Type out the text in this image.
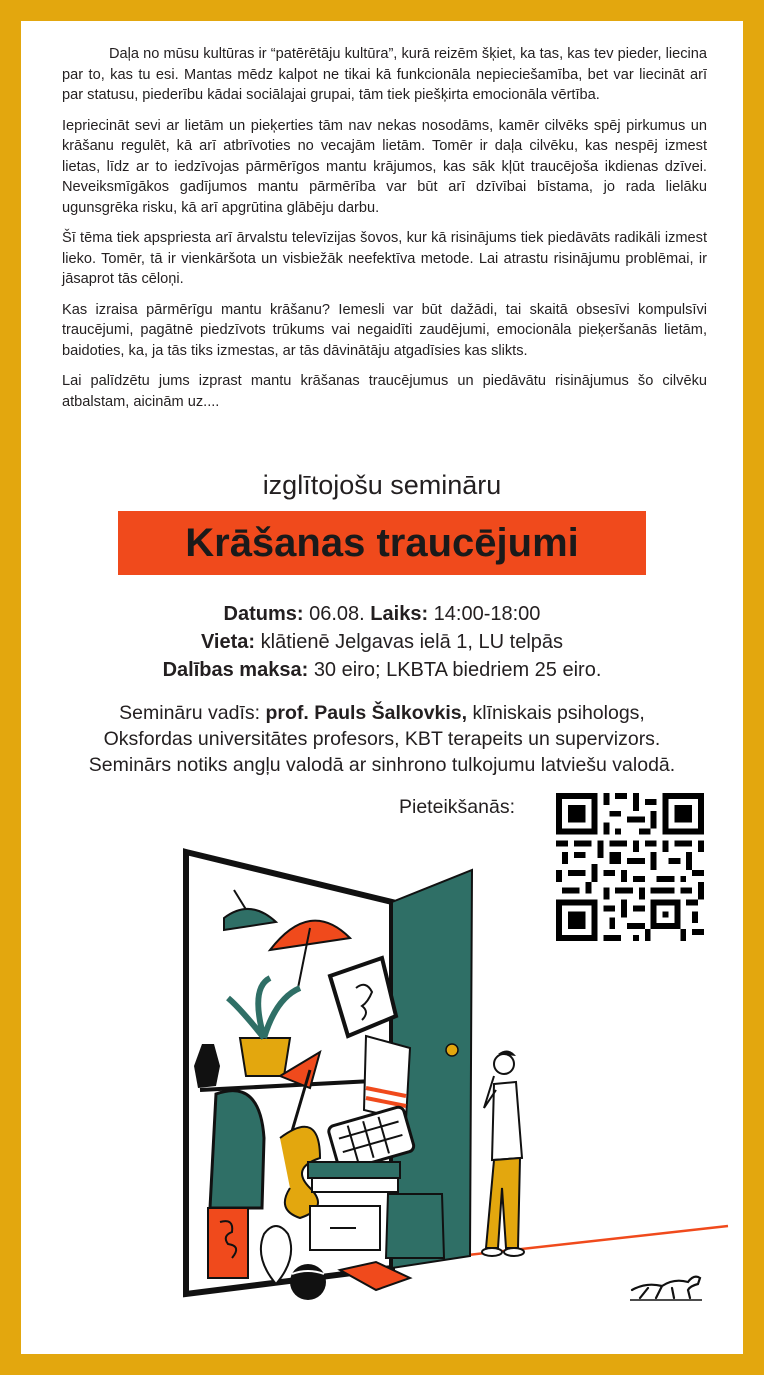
Daļa no mūsu kultūras ir “patērētāju kultūra”, kurā reizēm šķiet, ka tas, kas tev pieder, liecina par to, kas tu esi. Mantas mēdz kalpot ne tikai kā funkcionāla nepieciešamība, bet var liecināt arī par statusu, piederību kādai sociālajai grupai, tām tiek piešķirta emocionāla vērtība.

Iepriecināt sevi ar lietām un pieķerties tām nav nekas nosodāms, kamēr cilvēks spēj pirkumus un krāšanu regulēt, kā arī atbrīvoties no vecajām lietām. Tomēr ir daļa cilvēku, kas nespēj izmest lietas, līdz ar to iedzīvojas pārmērīgos mantu krājumos, kas sāk kļūt traucējoša ikdienas dzīvei. Neveiksmīgākos gadījumos mantu pārmērība var būt arī dzīvībai bīstama, jo rada lielāku ugunsgrēka risku, kā arī apgrūtina glābēju darbu.

Šī tēma tiek apspriesta arī ārvalstu televīzijas šovos, kur kā risinājums tiek piedāvāts radikāli izmest lieko. Tomēr, tā ir vienkāršota un visbiežāk neefektīva metode. Lai atrastu risinājumu problēmai, ir jāsaprot tās cēloņi.

Kas izraisa pārmērīgu mantu krāšanu? Iemesli var būt dažādi, tai skaitā obsesīvi kompulsīvi traucējumi, pagātnē piedzīvots trūkums vai negaidīti zaudējumi, emocionāla pieķeršanās lietām, baidoties, ka, ja tās tiks izmestas, ar tās dāvinātāju atgadīsies kas slikts.

Lai palīdzētu jums izprast mantu krāšanas traucējumus un piedāvātu risinājumus šo cilvēku atbalstam, aicinām uz....

izglītojošu semināru
Krāšanas traucējumi
Datums: 06.08. Laiks: 14:00-18:00
Vieta: klātienē Jelgavas ielā 1, LU telpās
Dalības maksa: 30 eiro; LKBTA biedriem 25 eiro.
Semināru vadīs: prof. Pauls Šalkovkis, klīniskais psihologs,
Oksfordas universitātes profesors, KBT terapeits un supervizors.
Seminārs notiks angļu valodā ar sinhrono tulkojumu latviešu valodā.
Pieteikšanās:
